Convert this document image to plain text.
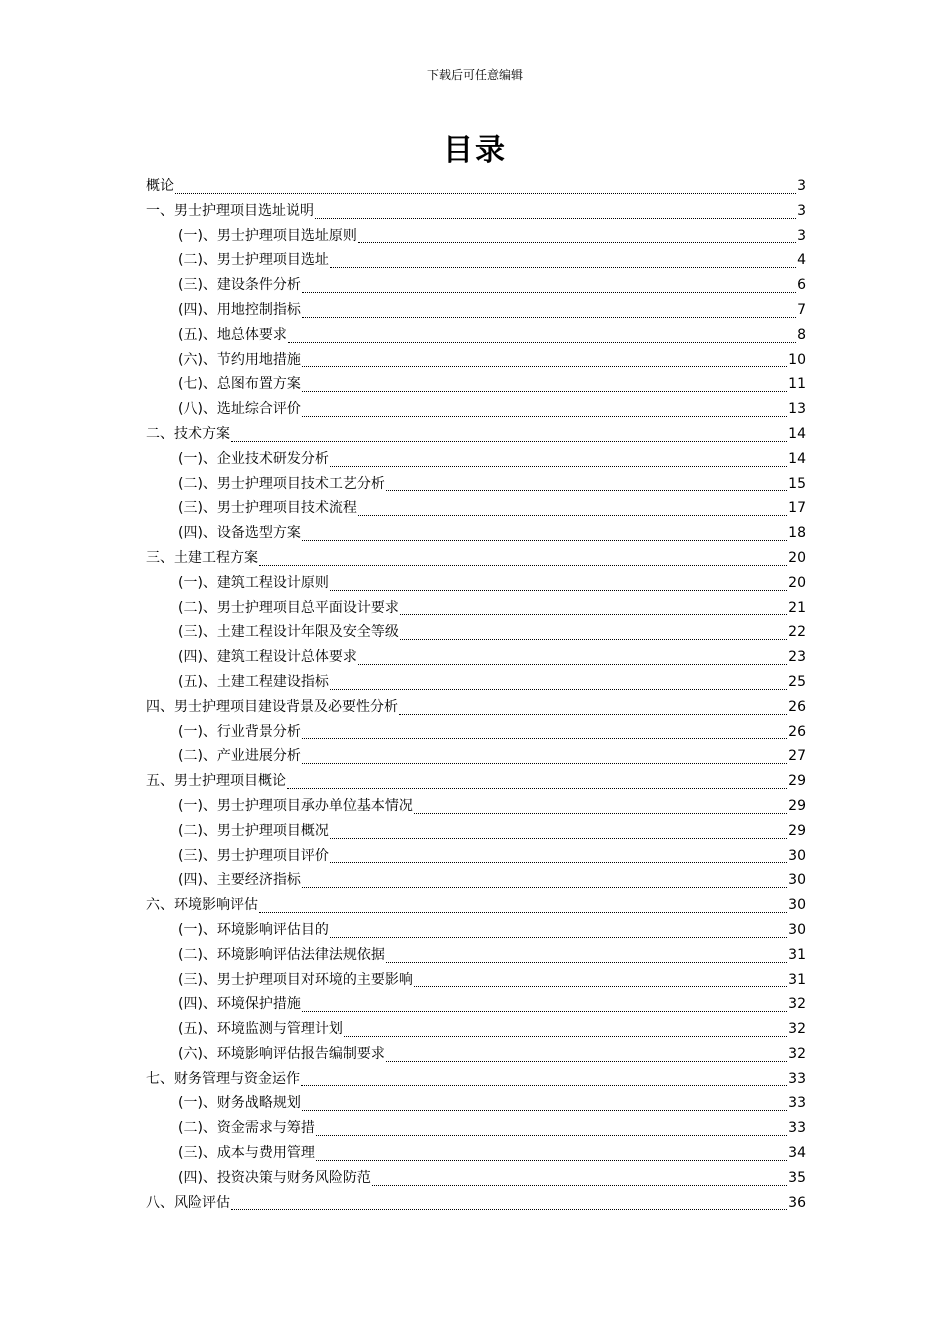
下载后可任意编辑
目录
概论	3
一、男士护理项目选址说明	3
(一)、男士护理项目选址原则	3
(二)、男士护理项目选址	4
(三)、建设条件分析	6
(四)、用地控制指标	7
(五)、地总体要求	8
(六)、节约用地措施	10
(七)、总图布置方案	11
(八)、选址综合评价	13
二、技术方案	14
(一)、企业技术研发分析	14
(二)、男士护理项目技术工艺分析	15
(三)、男士护理项目技术流程	17
(四)、设备选型方案	18
三、土建工程方案	20
(一)、建筑工程设计原则	20
(二)、男士护理项目总平面设计要求	21
(三)、土建工程设计年限及安全等级	22
(四)、建筑工程设计总体要求	23
(五)、土建工程建设指标	25
四、男士护理项目建设背景及必要性分析	26
(一)、行业背景分析	26
(二)、产业进展分析	27
五、男士护理项目概论	29
(一)、男士护理项目承办单位基本情况	29
(二)、男士护理项目概况	29
(三)、男士护理项目评价	30
(四)、主要经济指标	30
六、环境影响评估	30
(一)、环境影响评估目的	30
(二)、环境影响评估法律法规依据	31
(三)、男士护理项目对环境的主要影响	31
(四)、环境保护措施	32
(五)、环境监测与管理计划	32
(六)、环境影响评估报告编制要求	32
七、财务管理与资金运作	33
(一)、财务战略规划	33
(二)、资金需求与筹措	33
(三)、成本与费用管理	34
(四)、投资决策与财务风险防范	35
八、风险评估	36
